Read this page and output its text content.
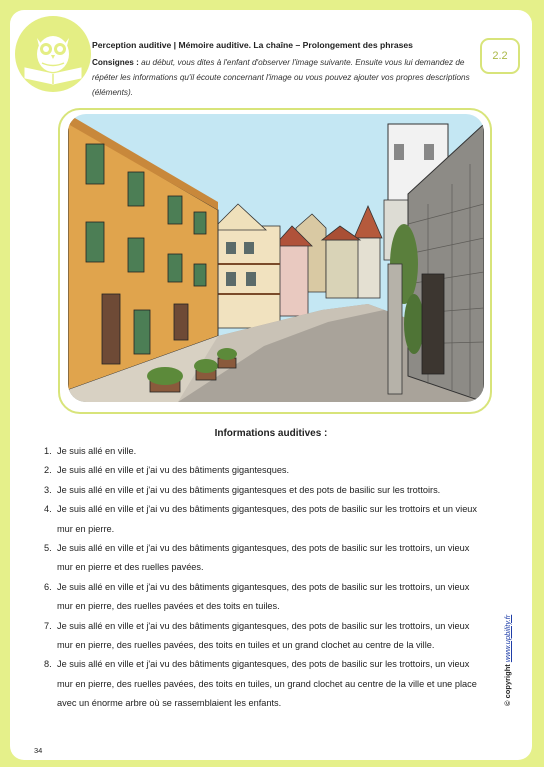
Perception auditive | Mémoire auditive. La chaîne – Prolongement des phrases
Consignes : au début, vous dites à l'enfant d'observer l'image suivante. Ensuite vous lui demandez de répéter les informations qu'il écoute concernant l'image ou vous pouvez ajouter vos propres descriptions (éléments).
2.2
Informations auditives :
1. Je suis allé en ville.
2. Je suis allé en ville et j'ai vu des bâtiments gigantesques.
3. Je suis allé en ville et j'ai vu des bâtiments gigantesques et des pots de basilic sur les trottoirs.
4. Je suis allé en ville et j'ai vu des bâtiments gigantesques, des pots de basilic sur les trottoirs et un vieux mur en pierre.
5. Je suis allé en ville et j'ai vu des bâtiments gigantesques, des pots de basilic sur les trottoirs, un vieux mur en pierre et des ruelles pavées.
6. Je suis allé en ville et j'ai vu des bâtiments gigantesques, des pots de basilic sur les trottoirs, un vieux mur en pierre, des ruelles pavées et des toits en tuiles.
7. Je suis allé en ville et j'ai vu des bâtiments gigantesques, des pots de basilic sur les trottoirs, un vieux mur en pierre, des ruelles pavées, des toits en tuiles et un grand clochet au centre de la ville.
8. Je suis allé en ville et j'ai vu des bâtiments gigantesques, des pots de basilic sur les trottoirs, un vieux mur en pierre, des ruelles pavées, des toits en tuiles, un grand clochet au centre de la ville et une place avec un énorme arbre où se rassemblaient les enfants.	© copyright www.upbility.fr
34
